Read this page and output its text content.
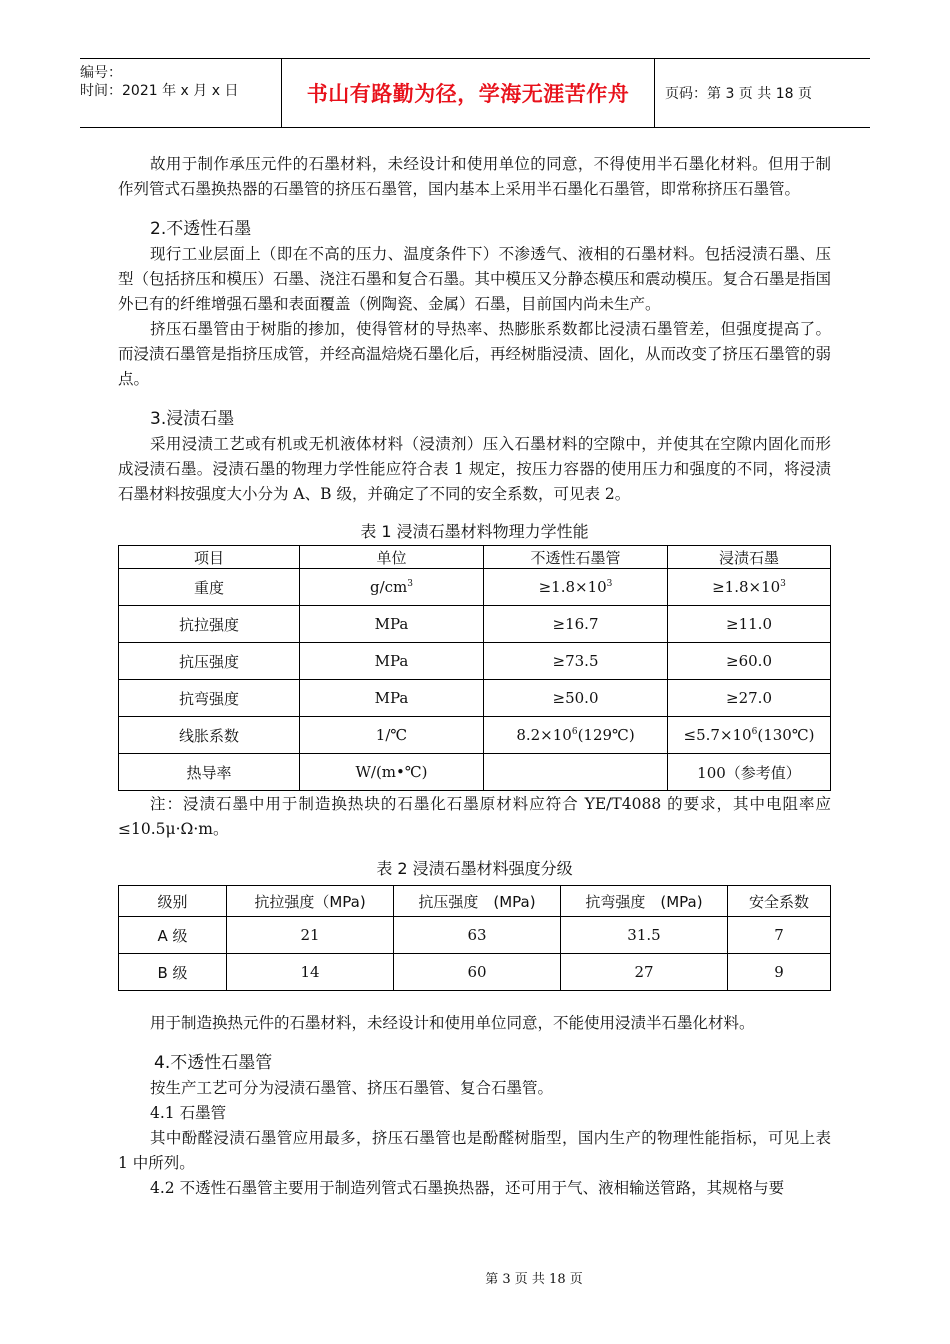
编号：
时间：2021 年 x 月 x 日	书山有路勤为径，学海无涯苦作舟	页码：第 3 页 共 18 页

故用于制作承压元件的石墨材料，未经设计和使用单位的同意，不得使用半石墨化材料。但用于制作列管式石墨换热器的石墨管的挤压石墨管，国内基本上采用半石墨化石墨管，即常称挤压石墨管。

2.不透性石墨

现行工业层面上（即在不高的压力、温度条件下）不渗透气、液相的石墨材料。包括浸渍石墨、压型（包括挤压和模压）石墨、浇注石墨和复合石墨。其中模压又分静态模压和震动模压。复合石墨是指国外已有的纤维增强石墨和表面覆盖（例陶瓷、金属）石墨，目前国内尚未生产。

挤压石墨管由于树脂的掺加，使得管材的导热率、热膨胀系数都比浸渍石墨管差，但强度提高了。而浸渍石墨管是指挤压成管，并经高温焙烧石墨化后，再经树脂浸渍、固化，从而改变了挤压石墨管的弱点。

3.浸渍石墨

采用浸渍工艺或有机或无机液体材料（浸渍剂）压入石墨材料的空隙中，并使其在空隙内固化而形成浸渍石墨。浸渍石墨的物理力学性能应符合表 1 规定，按压力容器的使用压力和强度的不同，将浸渍石墨材料按强度大小分为 A、B 级，并确定了不同的安全系数，可见表 2。

表 1 浸渍石墨材料物理力学性能
项目	单位	不透性石墨管	浸渍石墨
重度	$g/cm^3$	$\ge 1.8\times 10^3$	$\ge 1.8\times 10^3$
抗拉强度	MPa	≥16.7	≥11.0
抗压强度	MPa	≥73.5	≥60.0
抗弯强度	MPa	≥50.0	≥27.0
线胀系数	1/℃	$8.2\times 10^6(129℃)$	$\le 5.7\times 10^6(130℃)$
热导率	W/(m•℃)		100（参考值）

注：浸渍石墨中用于制造换热块的石墨化石墨原材料应符合 YE/T4088 的要求，其中电阻率应≤10.5μ·Ω·m。

表 2 浸渍石墨材料强度分级
级别	抗拉强度（MPa)	抗压强度　(MPa)	抗弯强度　(MPa)	安全系数
A 级	21	63	31.5	7
B 级	14	60	27	9

用于制造换热元件的石墨材料，未经设计和使用单位同意，不能使用浸渍半石墨化材料。

4.不透性石墨管

按生产工艺可分为浸渍石墨管、挤压石墨管、复合石墨管。

4.1 石墨管

其中酚醛浸渍石墨管应用最多，挤压石墨管也是酚醛树脂型，国内生产的物理性能指标，可见上表 1 中所列。

4.2 不透性石墨管主要用于制造列管式石墨换热器，还可用于气、液相输送管路，其规格与要

第 3 页 共 18 页
